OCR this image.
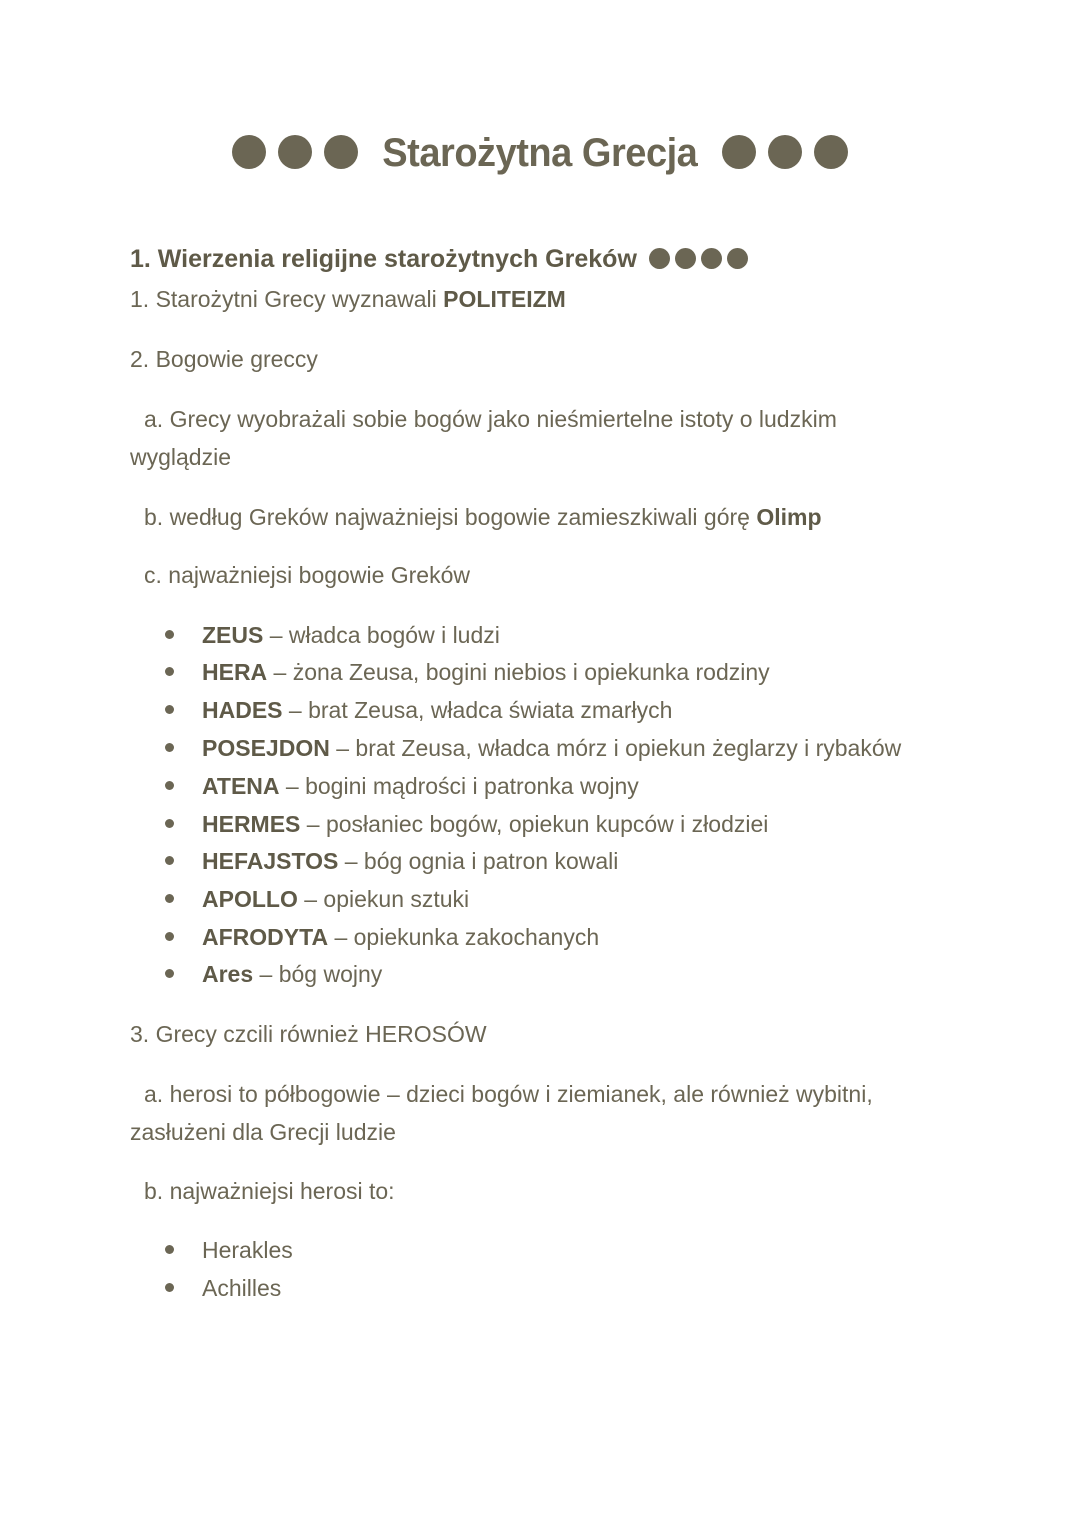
Starożytna Grecja
1. Wierzenia religijne starożytnych Greków
1. Starożytni Grecy wyznawali POLITEIZM
2. Bogowie greccy
a. Grecy wyobrażali sobie bogów jako nieśmiertelne istoty o ludzkim
wyglądzie
b. według Greków najważniejsi bogowie zamieszkiwali górę Olimp
c. najważniejsi bogowie Greków
ZEUS – władca bogów i ludzi
HERA – żona Zeusa, bogini niebios i opiekunka rodziny
HADES – brat Zeusa, władca świata zmarłych
POSEJDON – brat Zeusa, władca mórz i opiekun żeglarzy i rybaków
ATENA – bogini mądrości i patronka wojny
HERMES – posłaniec bogów, opiekun kupców i złodziei
HEFAJSTOS – bóg ognia i patron kowali
APOLLO – opiekun sztuki
AFRODYTA – opiekunka zakochanych
Ares – bóg wojny
3. Grecy czcili również HEROSÓW
a. herosi to półbogowie – dzieci bogów i ziemianek, ale również wybitni,
zasłużeni dla Grecji ludzie
b. najważniejsi herosi to:
Herakles
Achilles
